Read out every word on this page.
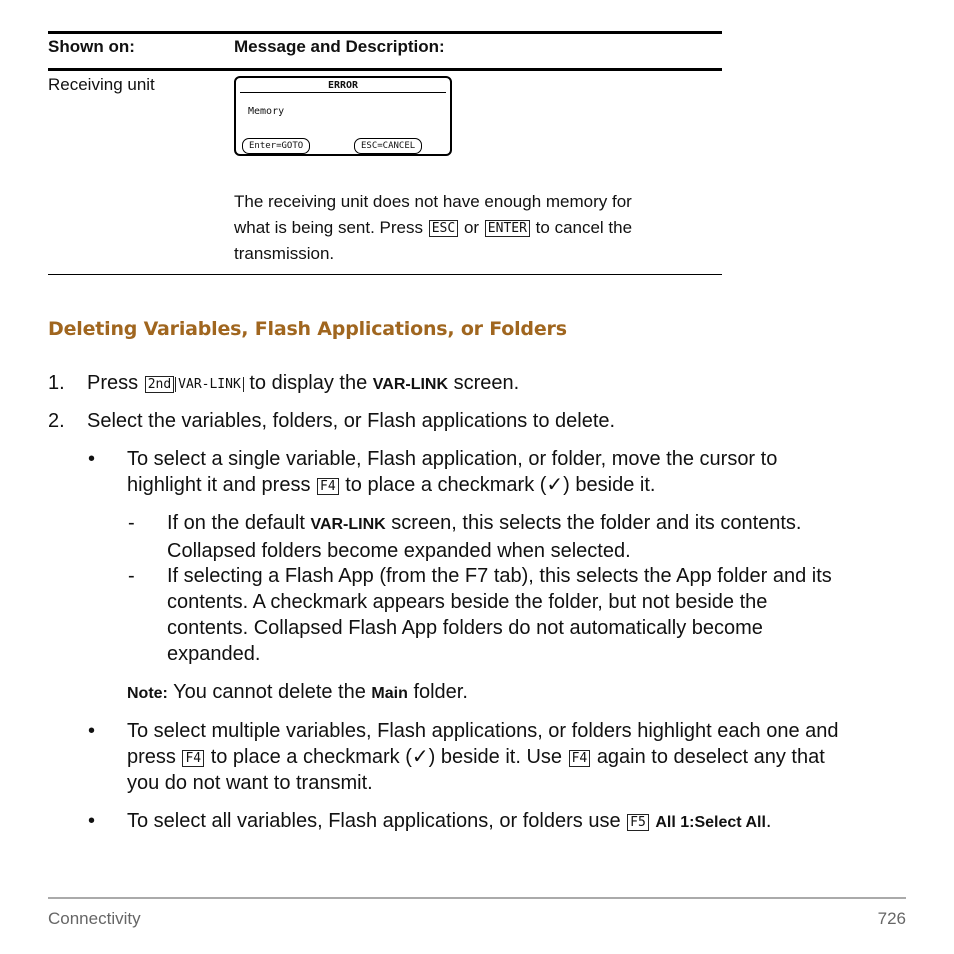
Shown on:	Message and Description:
Receiving unit	ERROR
Memory
Enter=GOTO	ESC=CANCEL
The receiving unit does not have enough memory for
what is being sent. Press ESC or ENTER to cancel the
transmission.
Deleting Variables, Flash Applications, or Folders
1. Press 2nd VAR-LINK to display the VAR-LINK screen.
2. Select the variables, folders, or Flash applications to delete.
• To select a single variable, Flash application, or folder, move the cursor to
highlight it and press F4 to place a checkmark (✓) beside it.
- If on the default VAR-LINK screen, this selects the folder and its contents.
Collapsed folders become expanded when selected.
- If selecting a Flash App (from the F7 tab), this selects the App folder and its
contents. A checkmark appears beside the folder, but not beside the
contents. Collapsed Flash App folders do not automatically become
expanded.
Note: You cannot delete the Main folder.
• To select multiple variables, Flash applications, or folders highlight each one and
press F4 to place a checkmark (✓) beside it. Use F4 again to deselect any that
you do not want to transmit.
• To select all variables, Flash applications, or folders use F5 All 1:Select All.
Connectivity	726
